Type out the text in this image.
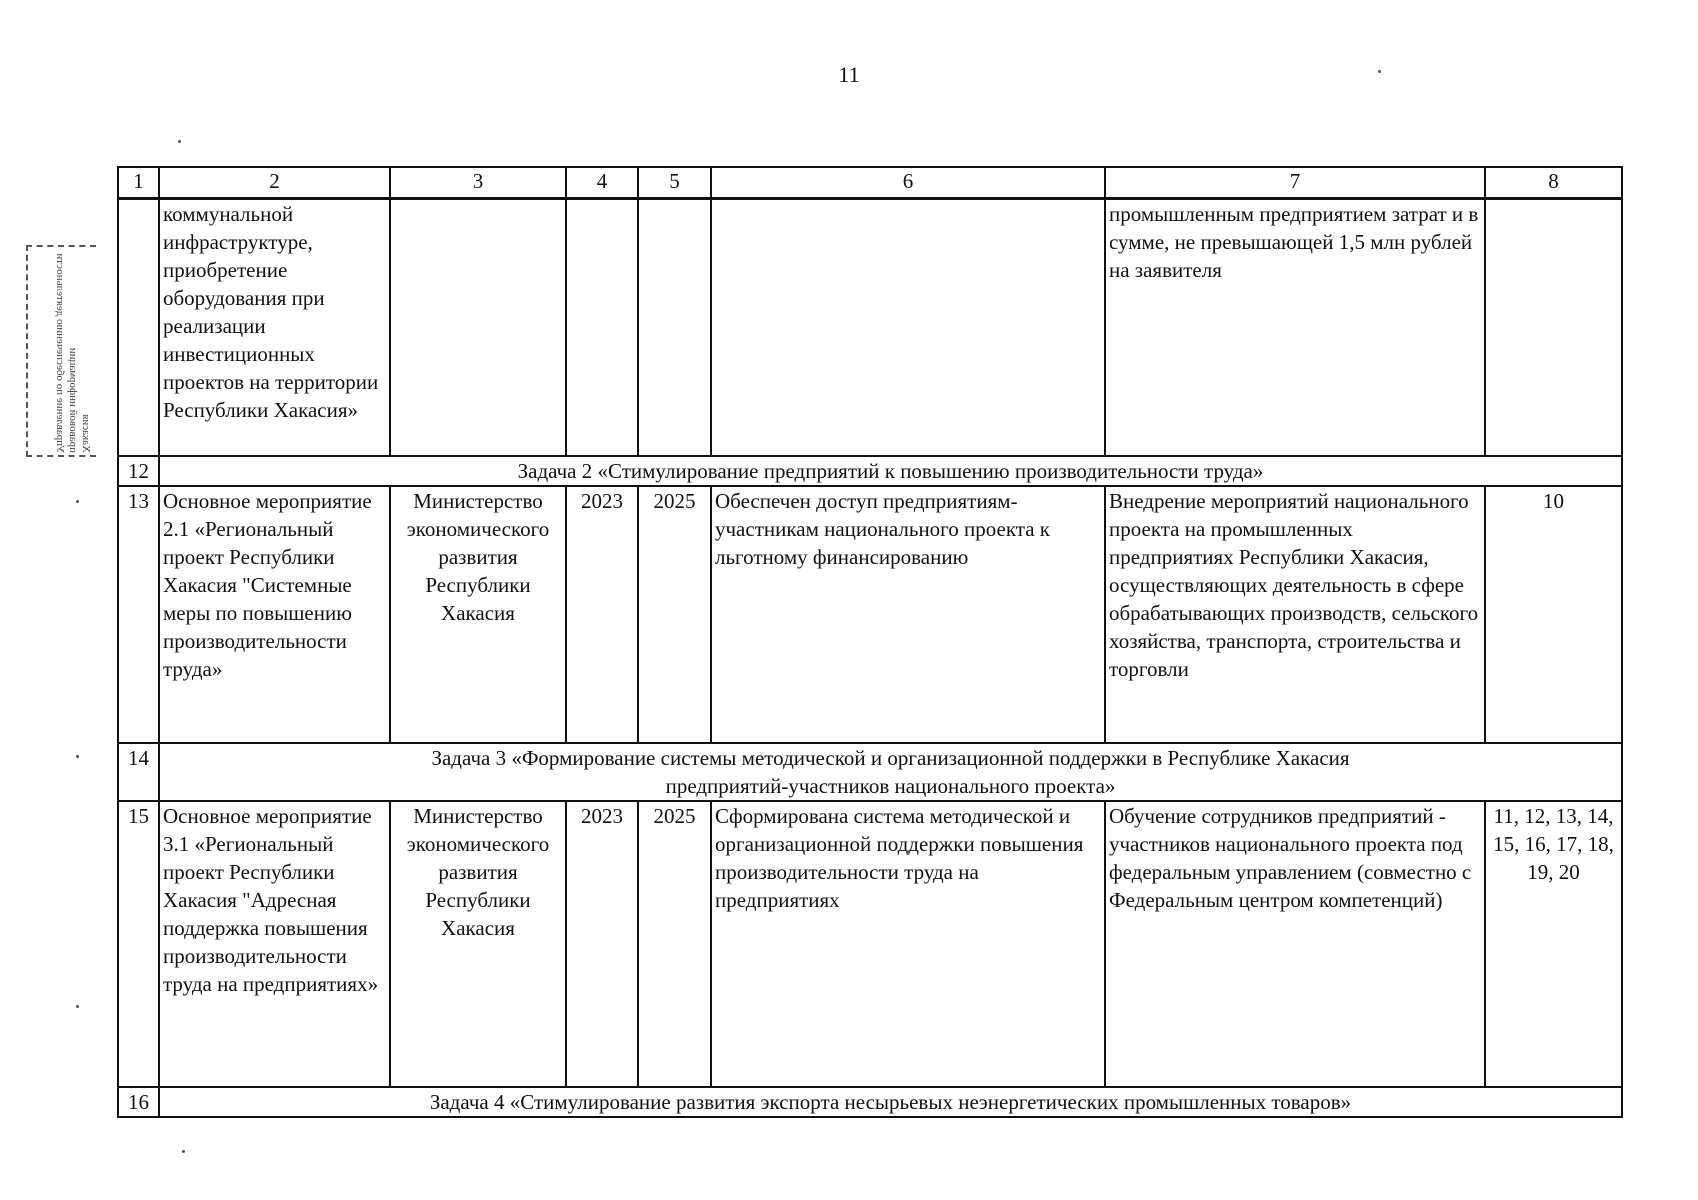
11
Хакасия
правовой информации
Управление по обеспечению деятельности
1	2	3	4	5	6	7	8
	коммунальной инфраструктуре, приобретение оборудования при реализации инвестиционных проектов на территории Республики Хакасия»					промышленным предприятием затрат и в сумме, не превышающей 1,5 млн рублей на заявителя	
12	Задача 2 «Стимулирование предприятий к повышению производительности труда»						
13	Основное мероприятие 2.1 «Региональный проект Республики Хакасия "Системные меры по повышению производительности труда»	Министерство экономического развития Республики Хакасия	2023	2025	Обеспечен доступ предприятиям-участникам национального проекта к льготному финансированию	Внедрение мероприятий национального проекта на промышленных предприятиях Республики Хакасия, осуществляющих деятельность в сфере обрабатывающих производств, сельского хозяйства, транспорта, строительства и торговли	10
14	Задача 3 «Формирование системы методической и организационной поддержки в Республике Хакасия
предприятий-участников национального проекта»						

15	Основное мероприятие 3.1 «Региональный проект Республики Хакасия "Адресная поддержка повышения производительности труда на предприятиях»	Министерство экономического развития Республики Хакасия	2023	2025	Сформирована система методической и организационной поддержки повышения производительности труда на предприятиях	Обучение сотрудников предприятий - участников национального проекта под федеральным управлением (совместно с Федеральным центром компетенций)	11, 12, 13, 14, 15, 16, 17, 18, 19, 20
16	Задача 4 «Стимулирование развития экспорта несырьевых неэнергетических промышленных товаров»						
